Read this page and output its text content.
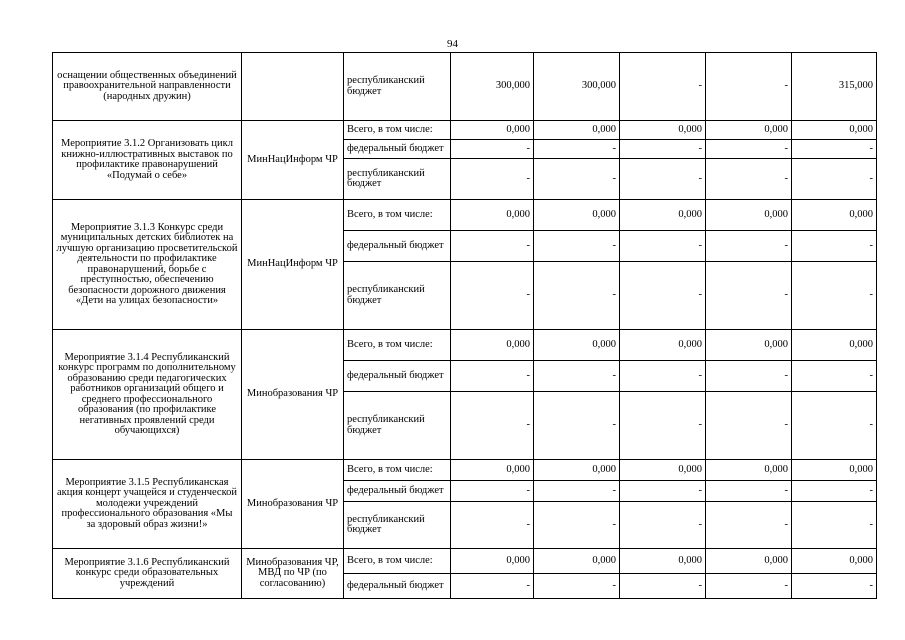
94
оснащении общественных объединений правоохранительной направленности (народных дружин)		республиканский бюджет	300,000	300,000	-	-	315,000
Мероприятие 3.1.2 Организовать цикл книжно-иллюстративных выставок по профилактике правонарушений «Подумай о себе»	МинНацИнформ ЧР	Всего, в том числе:	0,000	0,000	0,000	0,000	0,000
		федеральный бюджет	-	-	-	-	-
		республиканский бюджет	-	-	-	-	-
Мероприятие 3.1.3 Конкурс среди муниципальных детских библиотек на лучшую организацию просветительской деятельности по профилактике правонарушений, борьбе с преступностью, обеспечению безопасности дорожного движения «Дети на улицах безопасности»	МинНацИнформ ЧР	Всего, в том числе:	0,000	0,000	0,000	0,000	0,000
		федеральный бюджет	-	-	-	-	-
		республиканский бюджет	-	-	-	-	-
Мероприятие 3.1.4 Республиканский конкурс программ по дополнительному образованию среди педагогических работников организаций общего и среднего профессионального образования (по профилактике негативных проявлений среди обучающихся)	Минобразования ЧР	Всего, в том числе:	0,000	0,000	0,000	0,000	0,000
		федеральный бюджет	-	-	-	-	-
		республиканский бюджет	-	-	-	-	-
Мероприятие 3.1.5 Республиканская акция концерт учащейся и студенческой молодежи учреждений профессионального образования «Мы за здоровый образ жизни!»	Минобразования ЧР	Всего, в том числе:	0,000	0,000	0,000	0,000	0,000
		федеральный бюджет	-	-	-	-	-
		республиканский бюджет	-	-	-	-	-
Мероприятие 3.1.6 Республиканский конкурс среди образовательных учреждений	Минобразования ЧР, МВД по ЧР (по согласованию)	Всего, в том числе:	0,000	0,000	0,000	0,000	0,000
		федеральный бюджет	-	-	-	-	-
